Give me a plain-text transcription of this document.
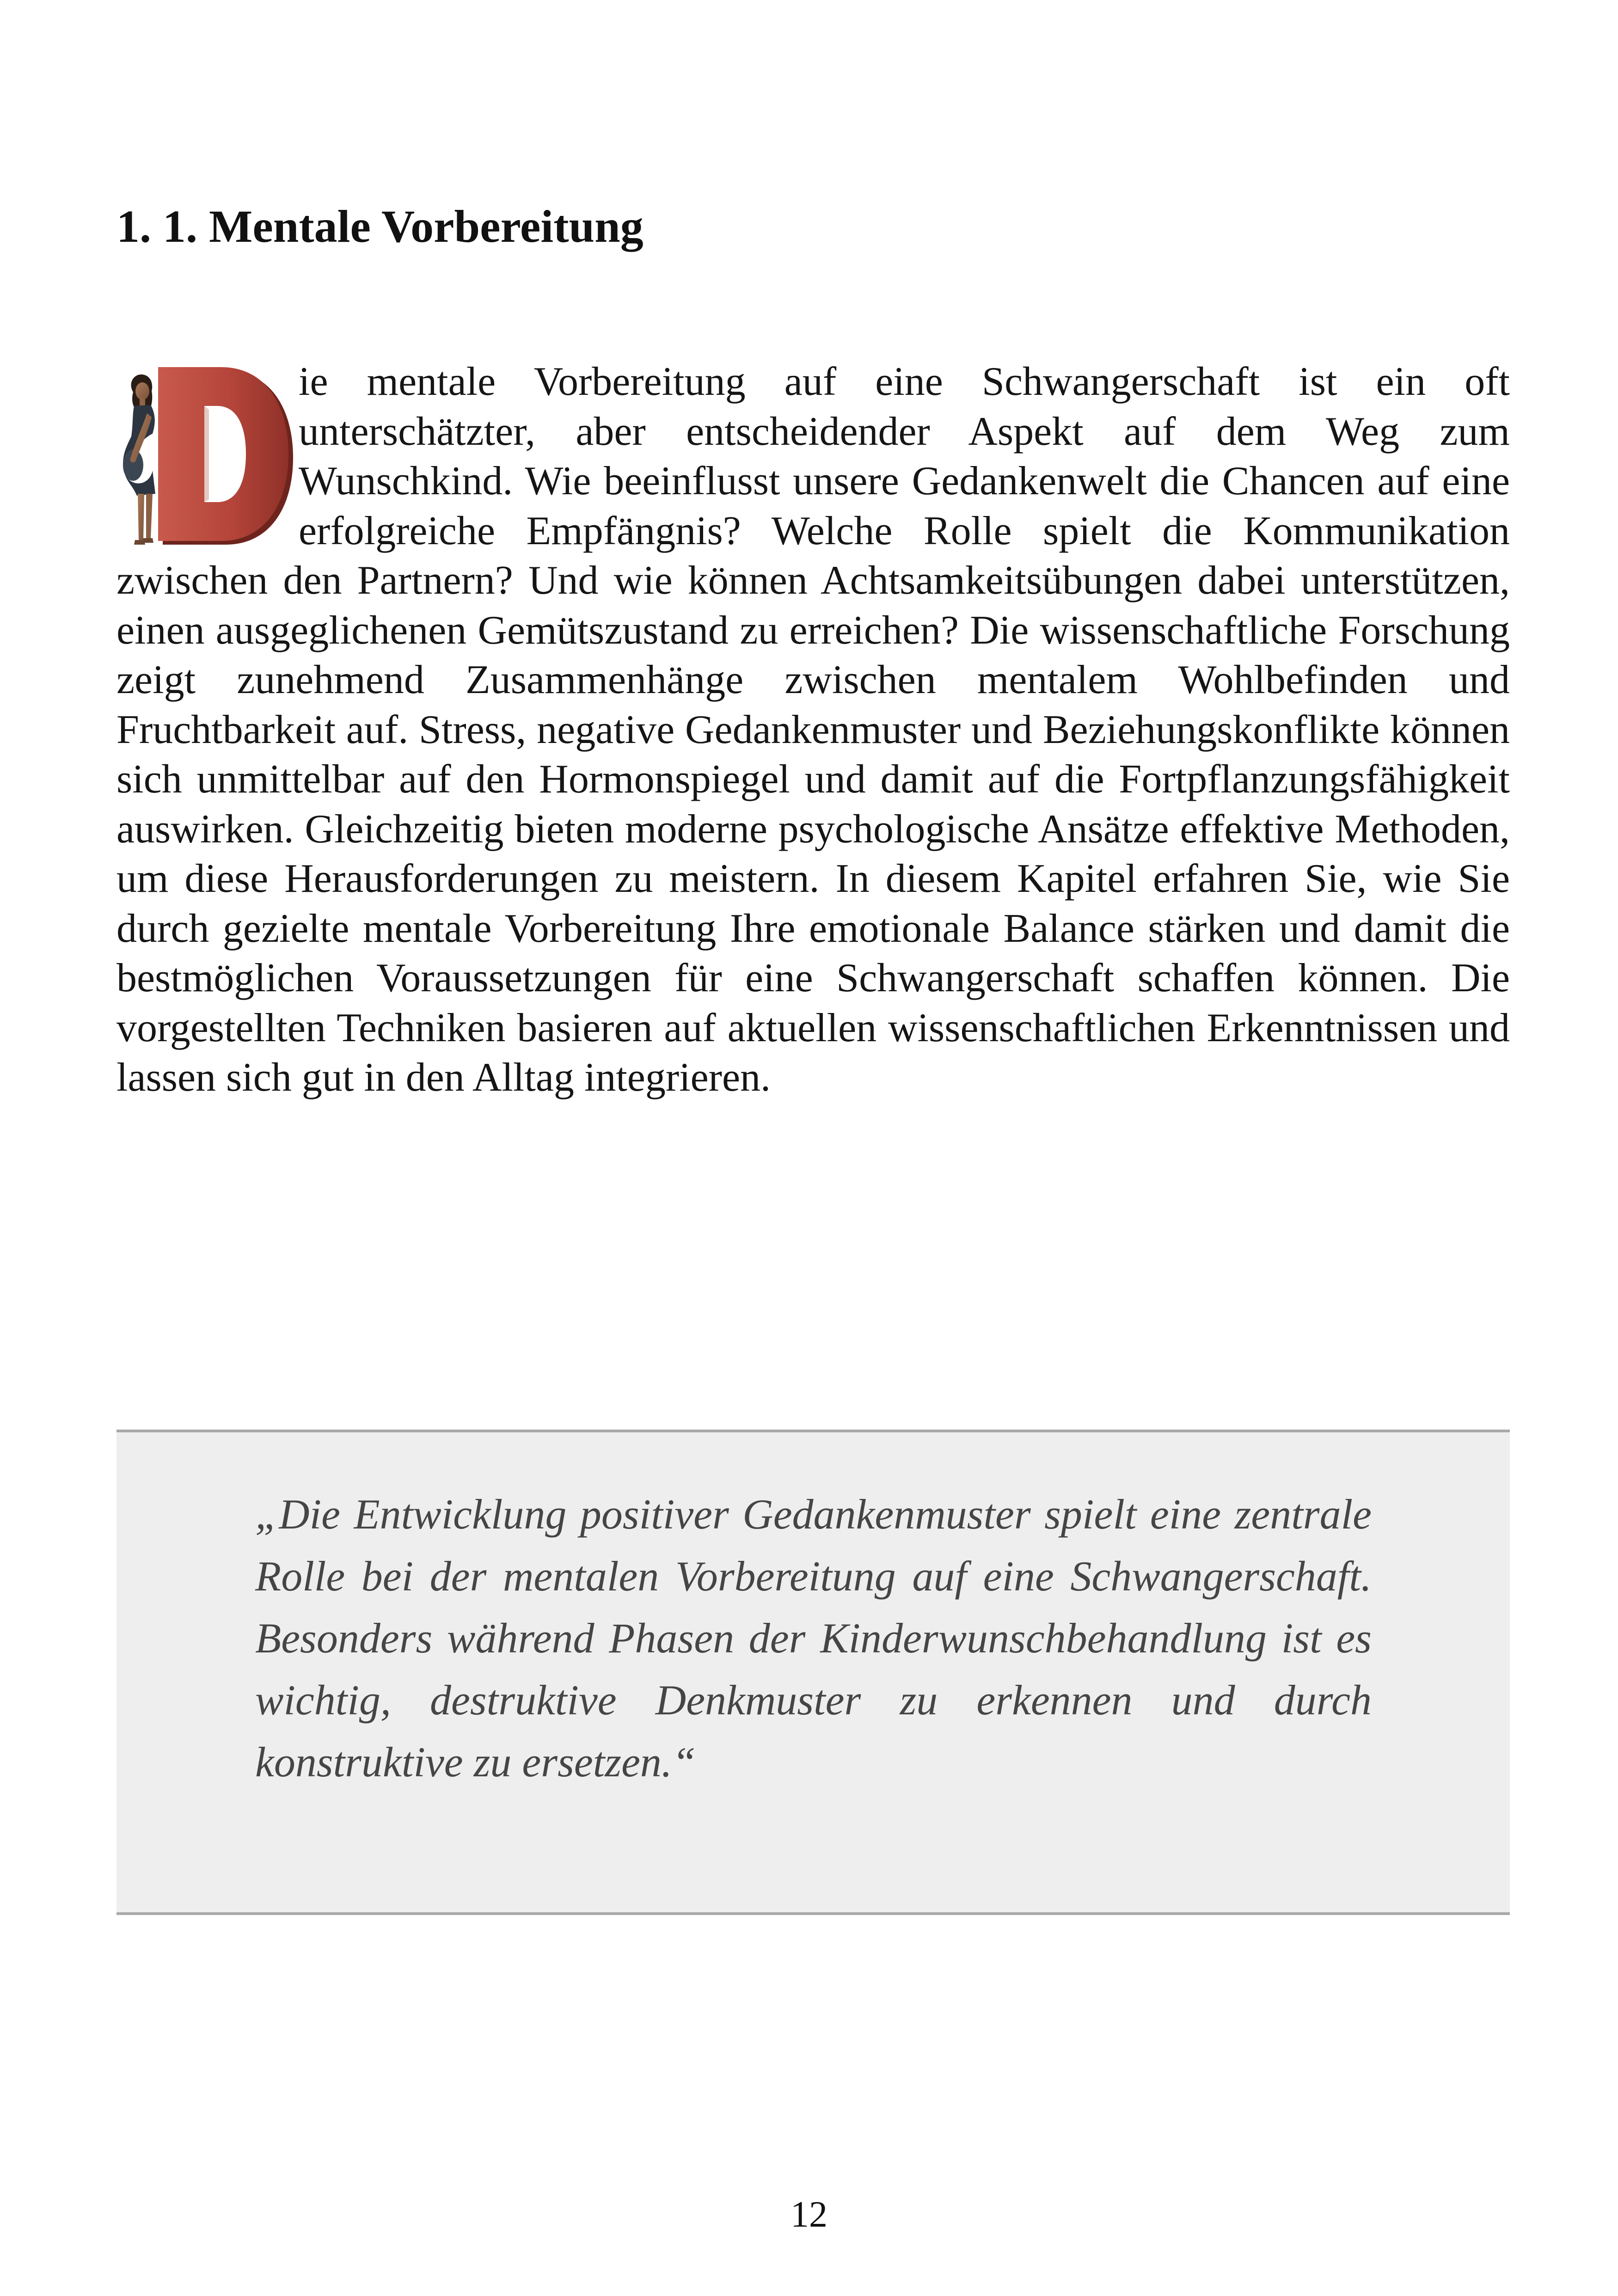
1. 1. Mentale Vorbereitung

ie mentale Vorbereitung auf eine Schwangerschaft ist ein oft unterschätzter, aber entscheidender Aspekt auf dem Weg zum Wunschkind. Wie beeinflusst unsere Gedankenwelt die Chancen auf eine erfolgreiche Empfängnis? Welche Rolle spielt die Kommunikation zwischen den Partnern? Und wie können Achtsamkeitsübungen dabei unterstützen, einen ausgeglichenen Gemütszustand zu erreichen? Die wissenschaftliche Forschung zeigt zunehmend Zusammenhänge zwischen mentalem Wohlbefinden und Fruchtbarkeit auf. Stress, negative Gedankenmuster und Beziehungskonflikte können sich unmittelbar auf den Hormonspiegel und damit auf die Fortpflanzungsfähigkeit auswirken. Gleichzeitig bieten moderne psychologische Ansätze effektive Methoden, um diese Herausforderungen zu meistern. In diesem Kapitel erfahren Sie, wie Sie durch gezielte mentale Vorbereitung Ihre emotionale Balance stärken und damit die bestmöglichen Voraussetzungen für eine Schwangerschaft schaffen können. Die vorgestellten Techniken basieren auf aktuellen wissenschaftlichen Erkenntnissen und lassen sich gut in den Alltag integrieren.

„Die Entwicklung positiver Gedankenmuster spielt eine zentrale Rolle bei der mentalen Vorbereitung auf eine Schwangerschaft. Besonders während Phasen der Kinderwunschbehandlung ist es wichtig, destruktive Denkmuster zu erkennen und durch konstruktive zu ersetzen.“

12
